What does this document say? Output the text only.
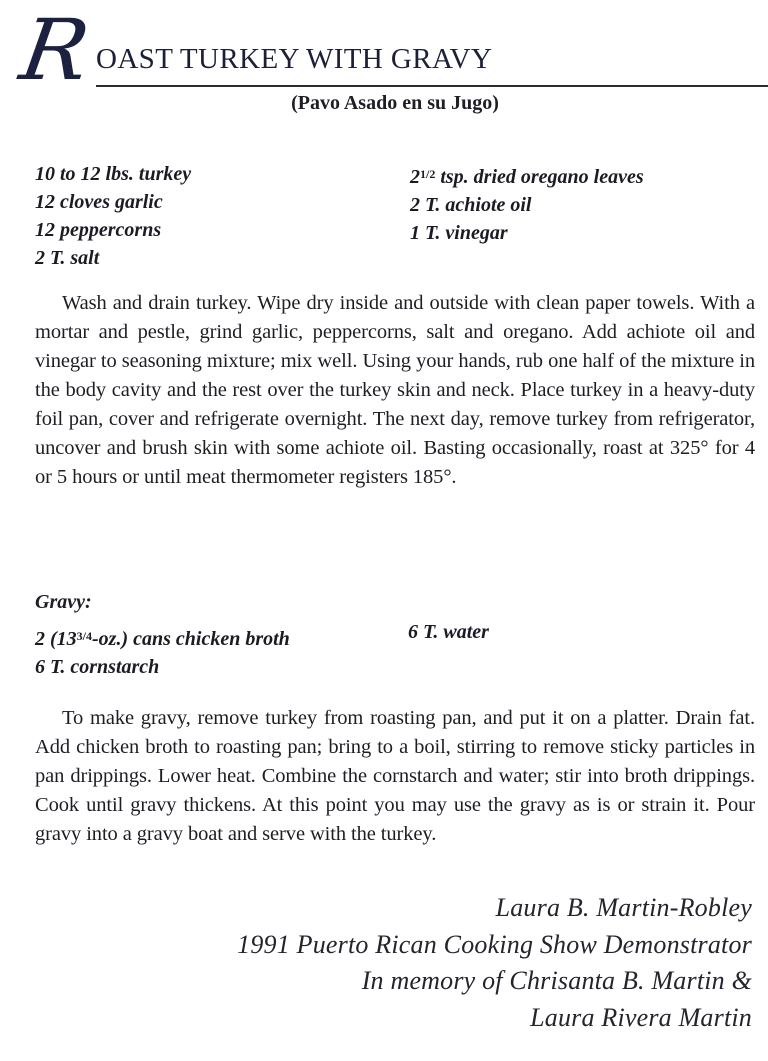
R OAST TURKEY WITH GRAVY
(Pavo Asado en su Jugo)
10 to 12 lbs. turkey
12 cloves garlic
12 peppercorns
2 T. salt
$2^{1/2}$ tsp. dried oregano leaves
2 T. achiote oil
1 T. vinegar

Wash and drain turkey. Wipe dry inside and outside with clean paper towels. With a mortar and pestle, grind garlic, peppercorns, salt and oregano. Add achiote oil and vinegar to seasoning mixture; mix well. Using your hands, rub one half of the mixture in the body cavity and the rest over the turkey skin and neck. Place turkey in a heavy-duty foil pan, cover and refrigerate overnight. The next day, remove turkey from refrigerator, uncover and brush skin with some achiote oil. Basting occasionally, roast at 325° for 4 or 5 hours or until meat thermometer registers 185°.

Gravy:
2 $(13^{3/4}-oz.)$ cans chicken broth
6 T. cornstarch
6 T. water

To make gravy, remove turkey from roasting pan, and put it on a platter. Drain fat. Add chicken broth to roasting pan; bring to a boil, stirring to remove sticky particles in pan drippings. Lower heat. Combine the cornstarch and water; stir into broth drippings. Cook until gravy thickens. At this point you may use the gravy as is or strain it. Pour gravy into a gravy boat and serve with the turkey.

Laura B. Martin-Robley
1991 Puerto Rican Cooking Show Demonstrator
In memory of Chrisanta B. Martin &
Laura Rivera Martin
